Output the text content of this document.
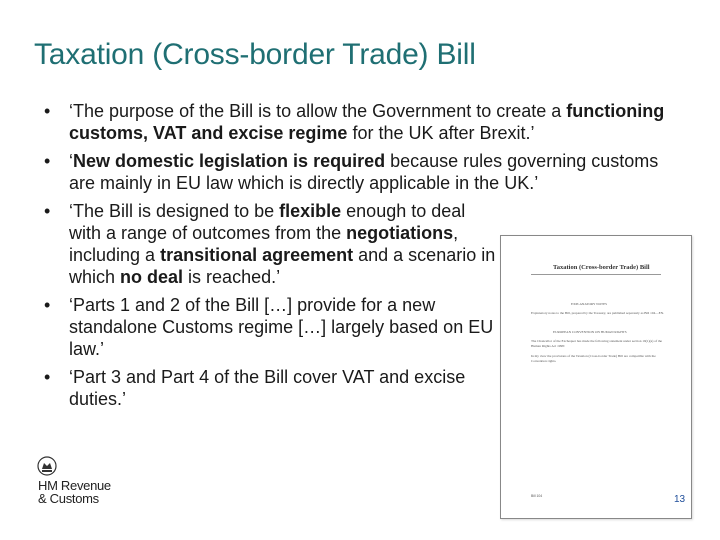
Taxation (Cross-border Trade) Bill
• ‘The purpose of the Bill is to allow the Government to create a functioning customs, VAT and excise regime for the UK after Brexit.’
• ‘New domestic legislation is required because rules governing customs are mainly in EU law which is directly applicable in the UK.’
• ‘The Bill is designed to be flexible enough to deal with a range of outcomes from the negotiations, including a transitional agreement and a scenario in which no deal is reached.’
• ‘Parts 1 and 2 of the Bill […] provide for a new standalone Customs regime […] largely based on EU law.’
• ‘Part 3 and Part 4 of the Bill cover VAT and excise duties.’
Taxation (Cross-border Trade) Bill
EXPLANATORY NOTES
Explanatory notes to the Bill, prepared by the Treasury, are published separately as Bill 104—EN.
EUROPEAN CONVENTION ON HUMAN RIGHTS
The Chancellor of the Exchequer has made the following statement under section 19(1)(a) of the Human Rights Act 1998:
In my view the provisions of the Taxation (Cross-border Trade) Bill are compatible with the Convention rights.
Bill 104	13
HM Revenue
& Customs
